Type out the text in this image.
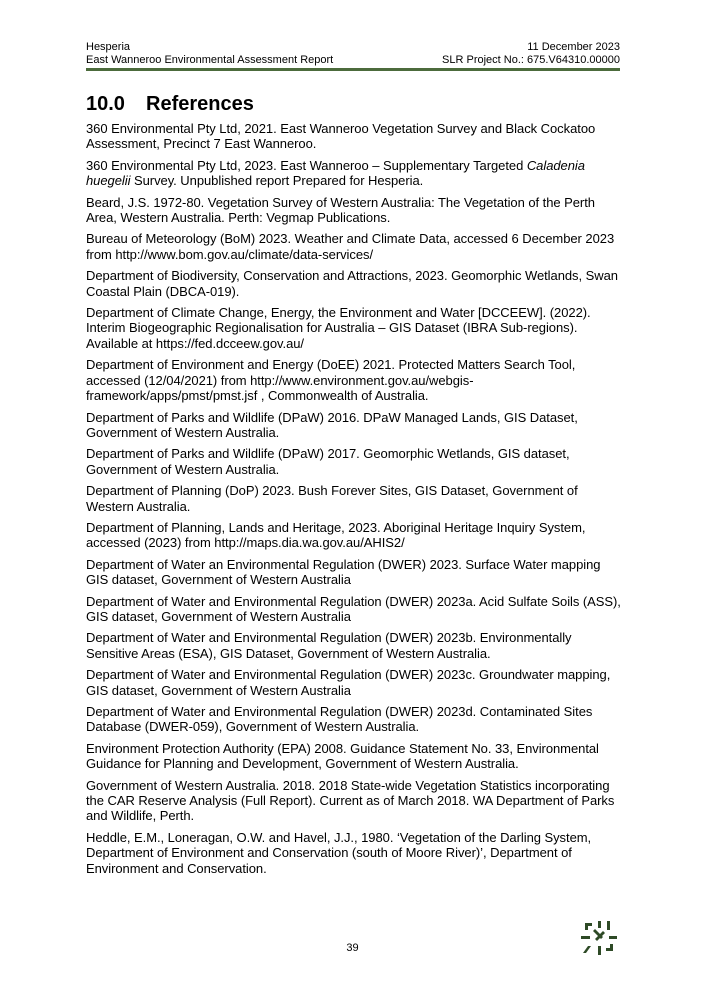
Hesperia	11 December 2023
East Wanneroo Environmental Assessment Report	SLR Project No.: 675.V64310.00000
10.0	References

360 Environmental Pty Ltd, 2021. East Wanneroo Vegetation Survey and Black Cockatoo Assessment, Precinct 7 East Wanneroo.

360 Environmental Pty Ltd, 2023. East Wanneroo – Supplementary Targeted Caladenia huegelii Survey. Unpublished report Prepared for Hesperia.

Beard, J.S. 1972-80. Vegetation Survey of Western Australia: The Vegetation of the Perth Area, Western Australia. Perth: Vegmap Publications.

Bureau of Meteorology (BoM) 2023. Weather and Climate Data, accessed 6 December 2023 from http://www.bom.gov.au/climate/data-services/

Department of Biodiversity, Conservation and Attractions, 2023. Geomorphic Wetlands, Swan Coastal Plain (DBCA-019).

Department of Climate Change, Energy, the Environment and Water [DCCEEW]. (2022). Interim Biogeographic Regionalisation for Australia – GIS Dataset (IBRA Sub-regions). Available at https://fed.dcceew.gov.au/

Department of Environment and Energy (DoEE) 2021. Protected Matters Search Tool, accessed (12/04/2021) from http://www.environment.gov.au/webgis-framework/apps/pmst/pmst.jsf , Commonwealth of Australia.

Department of Parks and Wildlife (DPaW) 2016. DPaW Managed Lands, GIS Dataset, Government of Western Australia.

Department of Parks and Wildlife (DPaW) 2017. Geomorphic Wetlands, GIS dataset, Government of Western Australia.

Department of Planning (DoP) 2023. Bush Forever Sites, GIS Dataset, Government of Western Australia.

Department of Planning, Lands and Heritage, 2023. Aboriginal Heritage Inquiry System, accessed (2023) from http://maps.dia.wa.gov.au/AHIS2/

Department of Water an Environmental Regulation (DWER) 2023. Surface Water mapping GIS dataset, Government of Western Australia

Department of Water and Environmental Regulation (DWER) 2023a. Acid Sulfate Soils (ASS), GIS dataset, Government of Western Australia

Department of Water and Environmental Regulation (DWER) 2023b. Environmentally Sensitive Areas (ESA), GIS Dataset, Government of Western Australia.

Department of Water and Environmental Regulation (DWER) 2023c. Groundwater mapping, GIS dataset, Government of Western Australia

Department of Water and Environmental Regulation (DWER) 2023d. Contaminated Sites Database (DWER-059), Government of Western Australia.

Environment Protection Authority (EPA) 2008. Guidance Statement No. 33, Environmental Guidance for Planning and Development, Government of Western Australia.

Government of Western Australia. 2018. 2018 State-wide Vegetation Statistics incorporating the CAR Reserve Analysis (Full Report). Current as of March 2018. WA Department of Parks and Wildlife, Perth.

Heddle, E.M., Loneragan, O.W. and Havel, J.J., 1980. ‘Vegetation of the Darling System, Department of Environment and Conservation (south of Moore River)’, Department of Environment and Conservation.

39
